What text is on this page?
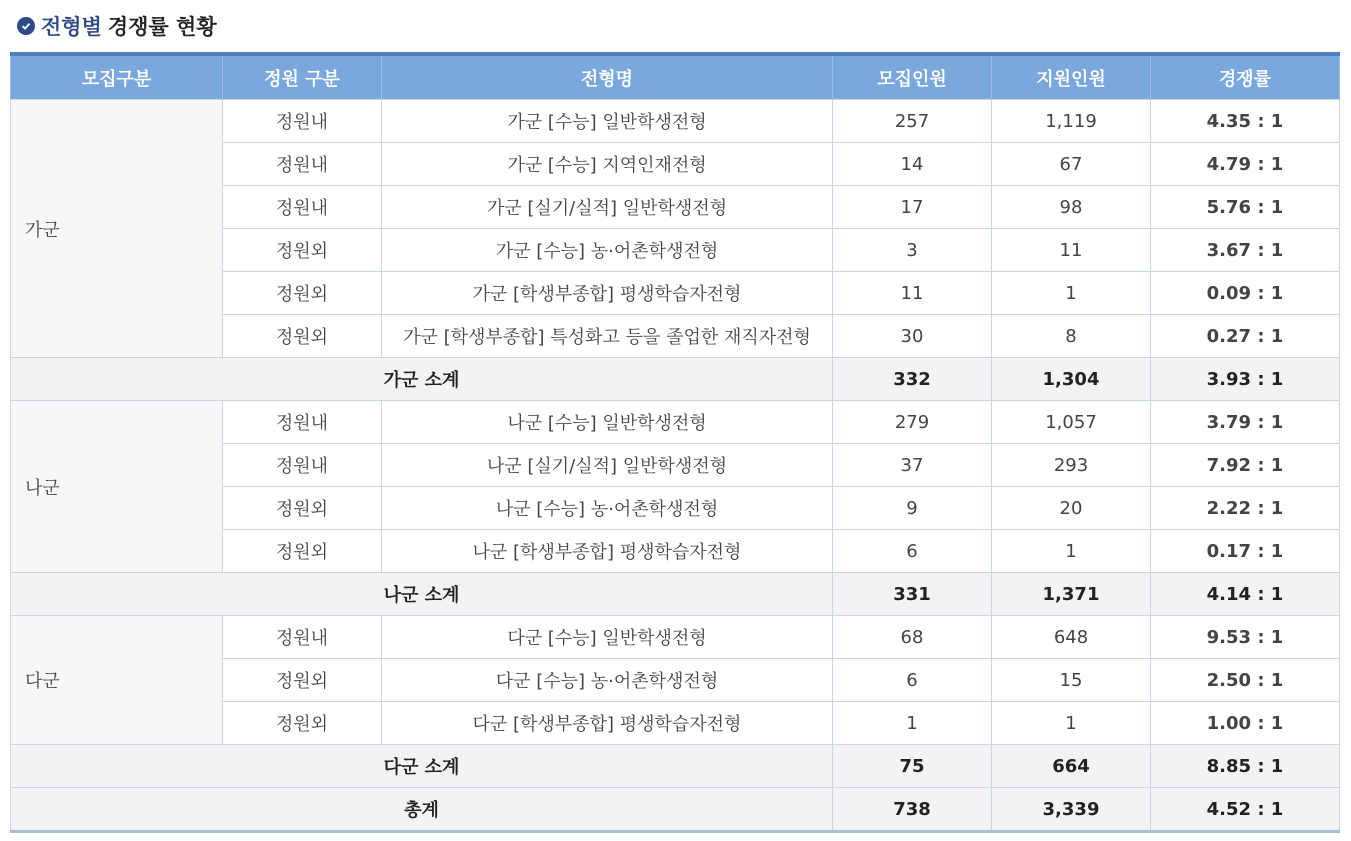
전형별 경쟁률 현황
모집구분	정원 구분	전형명	모집인원	지원인원	경쟁률
가군	정원내	가군 [수능] 일반학생전형	257	1,119	4.35 : 1
	정원내	가군 [수능] 지역인재전형	14	67	4.79 : 1
	정원내	가군 [실기/실적] 일반학생전형	17	98	5.76 : 1
	정원외	가군 [수능] 농·어촌학생전형	3	11	3.67 : 1
	정원외	가군 [학생부종합] 평생학습자전형	11	1	0.09 : 1
	정원외	가군 [학생부종합] 특성화고 등을 졸업한 재직자전형	30	8	0.27 : 1
가군 소계			332	1,304	3.93 : 1
나군	정원내	나군 [수능] 일반학생전형	279	1,057	3.79 : 1
	정원내	나군 [실기/실적] 일반학생전형	37	293	7.92 : 1
	정원외	나군 [수능] 농·어촌학생전형	9	20	2.22 : 1
	정원외	나군 [학생부종합] 평생학습자전형	6	1	0.17 : 1
나군 소계			331	1,371	4.14 : 1
다군	정원내	다군 [수능] 일반학생전형	68	648	9.53 : 1
	정원외	다군 [수능] 농·어촌학생전형	6	15	2.50 : 1
	정원외	다군 [학생부종합] 평생학습자전형	1	1	1.00 : 1
다군 소계			75	664	8.85 : 1
총계			738	3,339	4.52 : 1
